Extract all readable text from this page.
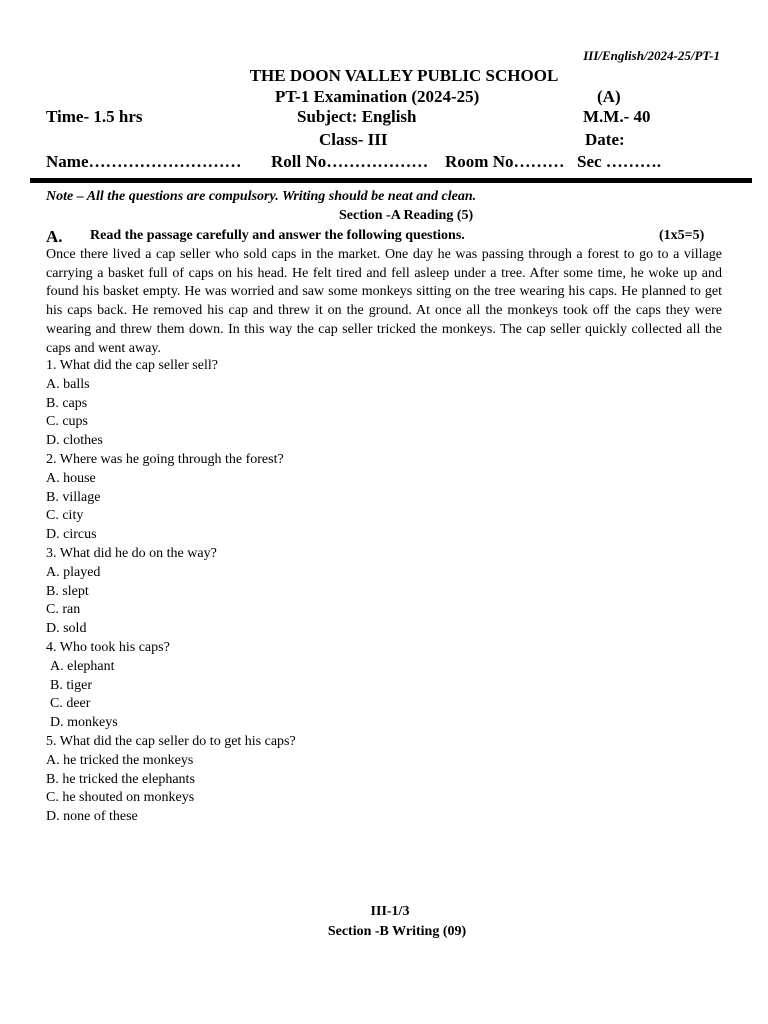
III/English/2024-25/PT-1
THE DOON VALLEY PUBLIC SCHOOL
PT-1 Examination (2024-25)	(A)
Time- 1.5 hrs	Subject: English	M.M.- 40
Class- III	Date:
Name……………………… Roll No……………… Room No……… Sec ……….
Note – All the questions are compulsory. Writing should be neat and clean.
Section -A Reading (5)
A. Read the passage carefully and answer the following questions.	(1x5=5)
Once there lived a cap seller who sold caps in the market. One day he was passing through a forest to go to a village carrying a basket full of caps on his head. He felt tired and fell asleep under a tree. After some time, he woke up and found his basket empty. He was worried and saw some monkeys sitting on the tree wearing his caps. He planned to get his caps back. He removed his cap and threw it on the ground. At once all the monkeys took off the caps they were wearing and threw them down. In this way the cap seller tricked the monkeys. The cap seller quickly collected all the caps and went away.
1. What did the cap seller sell?
A. balls
B. caps
C. cups
D. clothes
2. Where was he going through the forest?
A. house
B. village
C. city
D. circus
3. What did he do on the way?
A. played
B. slept
C. ran
D. sold
4. Who took his caps?
A. elephant
B. tiger
C. deer
D. monkeys
5. What did the cap seller do to get his caps?
A. he tricked the monkeys
B. he tricked the elephants
C. he shouted on monkeys
D. none of these
III-1/3
Section -B Writing (09)
